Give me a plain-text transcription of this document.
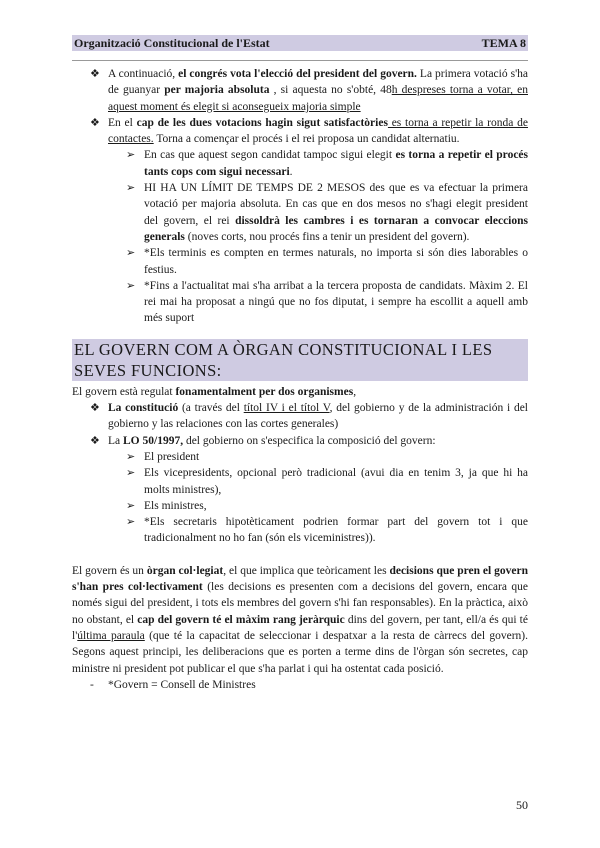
Organització Constitucional de l'Estat	TEMA 8
❖ A continuació, el congrés vota l'elecció del president del govern. La primera votació s'ha de guanyar per majoria absoluta , si aquesta no s'obté, 48h despreses torna a votar, en aquest moment és elegit si aconsegueix majoria simple
❖ En el cap de les dues votacions hagin sigut satisfactòries es torna a repetir la ronda de contactes. Torna a començar el procés i el rei proposa un candidat alternatiu.
➢ En cas que aquest segon candidat tampoc sigui elegit es torna a repetir el procés tants cops com sigui necessari.
➢ HI HA UN LÍMIT DE TEMPS DE 2 MESOS des que es va efectuar la primera votació per majoria absoluta. En cas que en dos mesos no s'hagi elegit president del govern, el rei dissoldrà les cambres i es tornaran a convocar eleccions generals (noves corts, nou procés fins a tenir un president del govern).
➢ *Els terminis es compten en termes naturals, no importa si són dies laborables o festius.
➢ *Fins a l'actualitat mai s'ha arribat a la tercera proposta de candidats. Màxim 2. El rei mai ha proposat a ningú que no fos diputat, i sempre ha escollit a aquell amb més suport
EL GOVERN COM A ÒRGAN CONSTITUCIONAL I LES SEVES FUNCIONS:

El govern està regulat fonamentalment per dos organismes,

❖ La constitució (a través del títol IV i el títol V, del gobierno y de la administración i del gobierno y las relaciones con las cortes generales)
❖ La LO 50/1997, del gobierno on s'especifica la composició del govern:
➢ El president
➢ Els vicepresidents, opcional però tradicional (avui dia en tenim 3, ja que hi ha molts ministres),
➢ Els ministres,
➢ *Els secretaris hipotèticament podrien formar part del govern tot i que tradicionalment no ho fan (són els viceministres)).

El govern és un òrgan col·legiat, el que implica que teòricament les decisions que pren el govern s'han pres col·lectivament (les decisions es presenten com a decisions del govern, encara que només sigui del president, i tots els membres del govern s'hi fan responsables). En la pràctica, això no obstant, el cap del govern té el màxim rang jeràrquic dins del govern, per tant, ell/a és qui té l'última paraula (que té la capacitat de seleccionar i despatxar a la resta de càrrecs del govern). Segons aquest principi, les deliberacions que es porten a terme dins de l'òrgan són secretes, cap ministre ni president pot publicar el que s'ha parlat i qui ha ostentat cada posició.

- *Govern = Consell de Ministres
50
